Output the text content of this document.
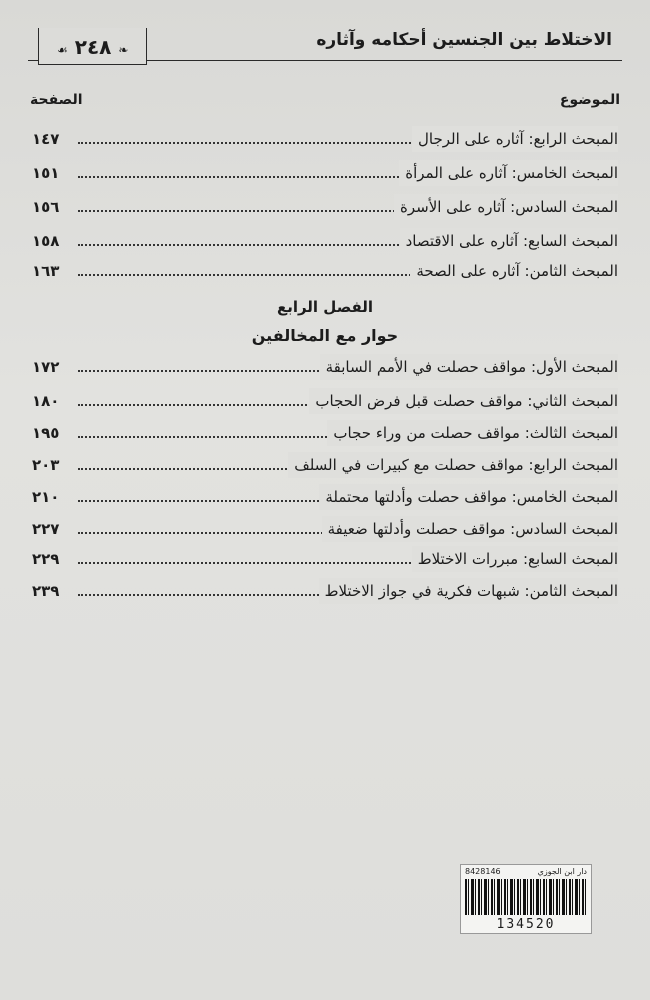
الاختلاط بين الجنسين أحكامه وآثاره
❧ ٢٤٨ ☙
الموضوع
الصفحة
المبحث الرابع: آثاره على الرجال
١٤٧
المبحث الخامس: آثاره على المرأة
١٥١
المبحث السادس: آثاره على الأسرة
١٥٦
المبحث السابع: آثاره على الاقتصاد
١٥٨
المبحث الثامن: آثاره على الصحة
١٦٣
الفصل الرابع
حوار مع المخالفين
المبحث الأول: مواقف حصلت في الأمم السابقة
١٧٢
المبحث الثاني: مواقف حصلت قبل فرض الحجاب
١٨٠
المبحث الثالث: مواقف حصلت من وراء حجاب
١٩٥
المبحث الرابع: مواقف حصلت مع كبيرات في السلف
٢٠٣
المبحث الخامس: مواقف حصلت وأدلتها محتملة
٢١٠
المبحث السادس: مواقف حصلت وأدلتها ضعيفة
٢٢٧
المبحث السابع: مبررات الاختلاط
٢٢٩
المبحث الثامن: شبهات فكرية في جواز الاختلاط
٢٣٩
دار ابن الجوزي
8428146
134520
